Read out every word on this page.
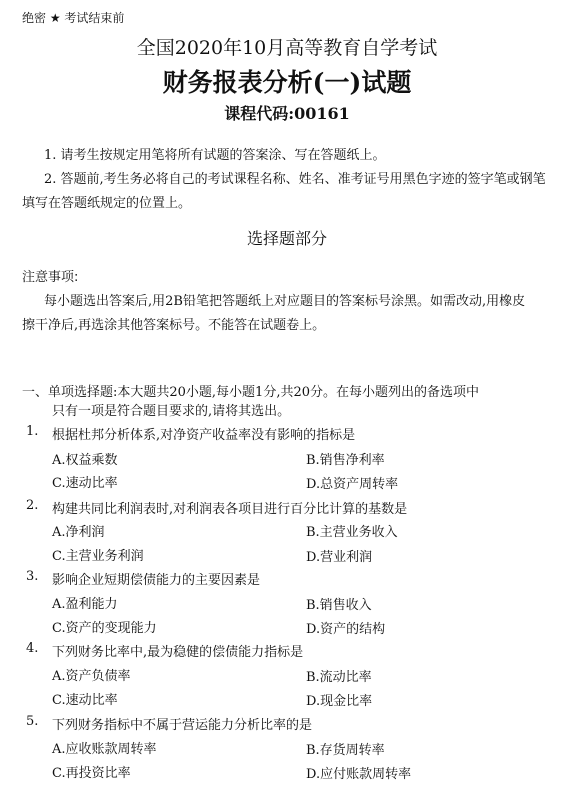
绝密 ★ 考试结束前
全国2020年10月高等教育自学考试
财务报表分析(一)试题
课程代码:00161
1. 请考生按规定用笔将所有试题的答案涂、写在答题纸上。
2. 答题前,考生务必将自己的考试课程名称、姓名、准考证号用黑色字迹的签字笔或钢笔
填写在答题纸规定的位置上。
选择题部分
注意事项:
每小题选出答案后,用2B铅笔把答题纸上对应题目的答案标号涂黑。如需改动,用橡皮
擦干净后,再选涂其他答案标号。不能答在试题卷上。
一、单项选择题:本大题共20小题,每小题1分,共20分。在每小题列出的备选项中
只有一项是符合题目要求的,请将其选出。
1. 根据杜邦分析体系,对净资产收益率没有影响的指标是
A.权益乘数	B.销售净利率
C.速动比率	D.总资产周转率
2. 构建共同比利润表时,对利润表各项目进行百分比计算的基数是
A.净利润	B.主营业务收入
C.主营业务利润	D.营业利润
3. 影响企业短期偿债能力的主要因素是
A.盈利能力	B.销售收入
C.资产的变现能力	D.资产的结构
4. 下列财务比率中,最为稳健的偿债能力指标是
A.资产负债率	B.流动比率
C.速动比率	D.现金比率
5. 下列财务指标中不属于营运能力分析比率的是
A.应收账款周转率	B.存货周转率
C.再投资比率	D.应付账款周转率
